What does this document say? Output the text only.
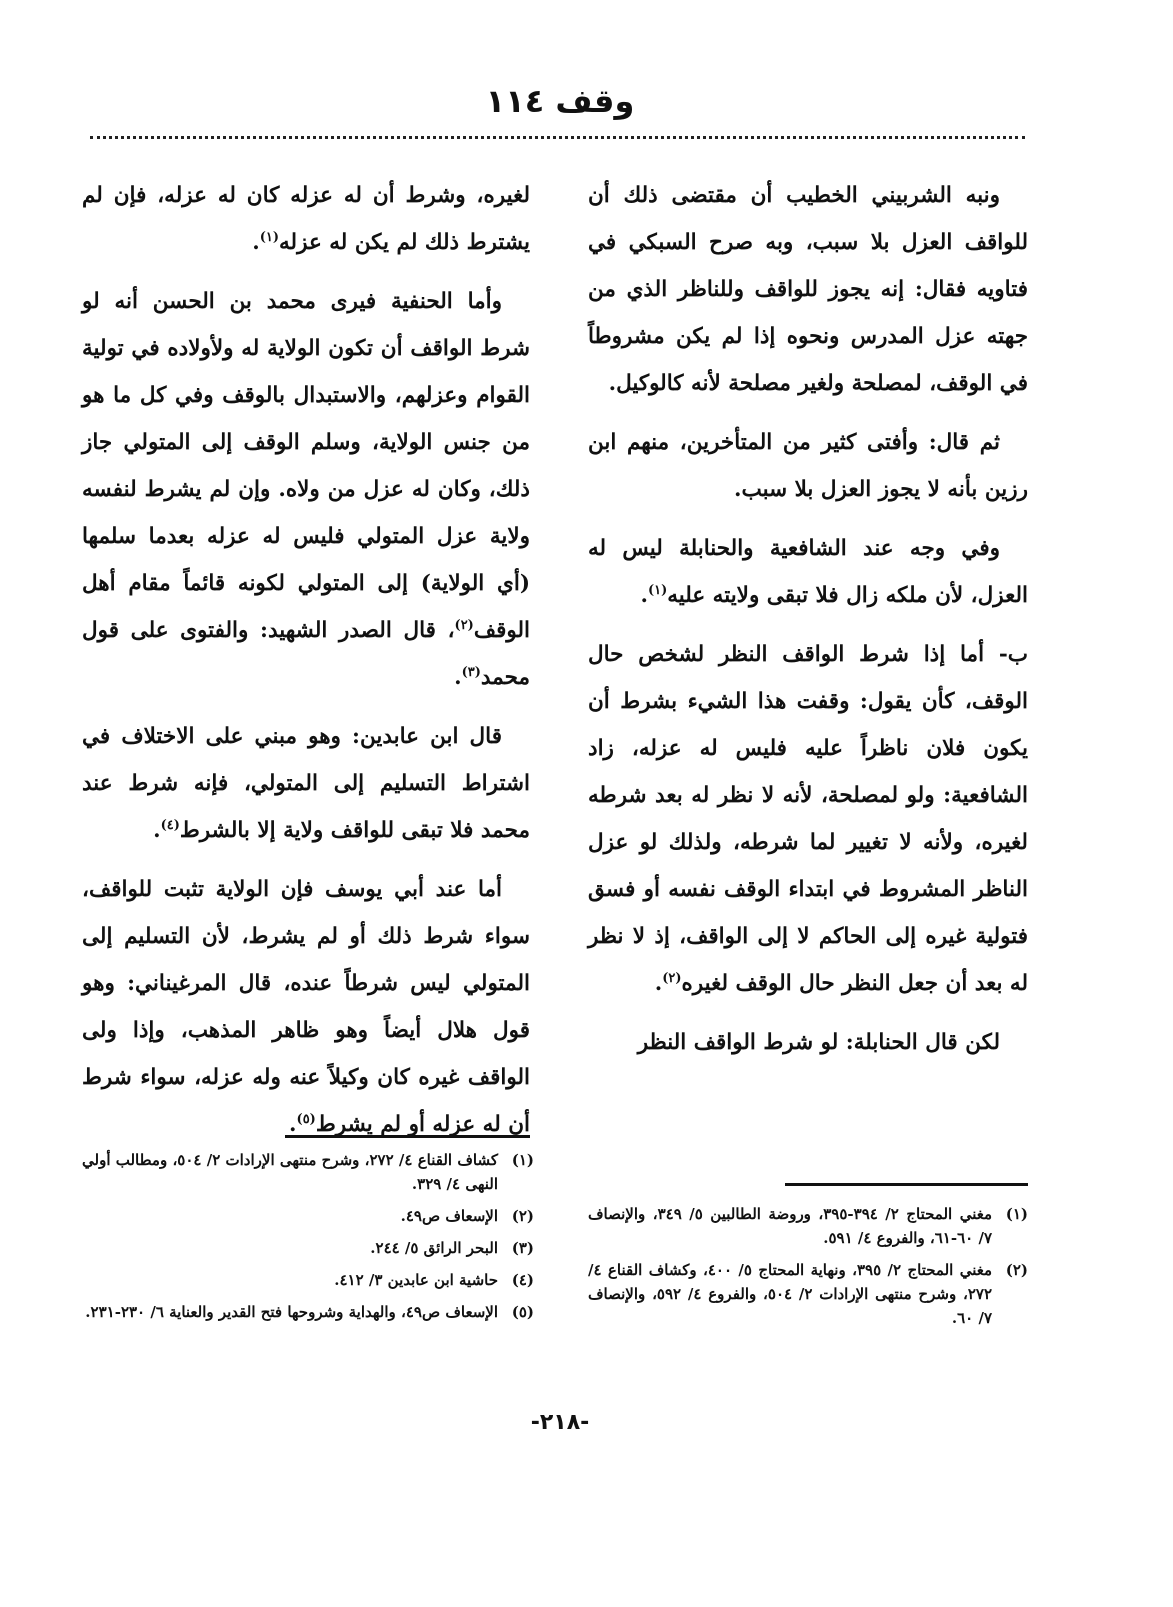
وقف ١١٤

ونبه الشربيني الخطيب أن مقتضى ذلك أن للواقف العزل بلا سبب، وبه صرح السبكي في فتاويه فقال: إنه يجوز للواقف وللناظر الذي من جهته عزل المدرس ونحوه إذا لم يكن مشروطاً في الوقف، لمصلحة ولغير مصلحة لأنه كالوكيل.

ثم قال: وأفتى كثير من المتأخرين، منهم ابن رزين بأنه لا يجوز العزل بلا سبب.

وفي وجه عند الشافعية والحنابلة ليس له العزل، لأن ملكه زال فلا تبقى ولايته عليه$^{(١)}$.

ب- أما إذا شرط الواقف النظر لشخص حال الوقف، كأن يقول: وقفت هذا الشيء بشرط أن يكون فلان ناظراً عليه فليس له عزله، زاد الشافعية: ولو لمصلحة، لأنه لا نظر له بعد شرطه لغيره، ولأنه لا تغيير لما شرطه، ولذلك لو عزل الناظر المشروط في ابتداء الوقف نفسه أو فسق فتولية غيره إلى الحاكم لا إلى الواقف، إذ لا نظر له بعد أن جعل النظر حال الوقف لغيره$^{(٢)}$.

لكن قال الحنابلة: لو شرط الواقف النظر

لغيره، وشرط أن له عزله كان له عزله، فإن لم يشترط ذلك لم يكن له عزله$^{(١)}$.

وأما الحنفية فيرى محمد بن الحسن أنه لو شرط الواقف أن تكون الولاية له ولأولاده في تولية القوام وعزلهم، والاستبدال بالوقف وفي كل ما هو من جنس الولاية، وسلم الوقف إلى المتولي جاز ذلك، وكان له عزل من ولاه. وإن لم يشرط لنفسه ولاية عزل المتولي فليس له عزله بعدما سلمها (أي الولاية) إلى المتولي لكونه قائماً مقام أهل الوقف$^{(٢)}$، قال الصدر الشهيد: والفتوى على قول محمد$^{(٣)}$.

قال ابن عابدين: وهو مبني على الاختلاف في اشتراط التسليم إلى المتولي، فإنه شرط عند محمد فلا تبقى للواقف ولاية إلا بالشرط$^{(٤)}$.

أما عند أبي يوسف فإن الولاية تثبت للواقف، سواء شرط ذلك أو لم يشرط، لأن التسليم إلى المتولي ليس شرطاً عنده، قال المرغيناني: وهو قول هلال أيضاً وهو ظاهر المذهب، وإذا ولى الواقف غيره كان وكيلاً عنه وله عزله، سواء شرط أن له عزله أو لم يشرط$^{(٥)}$.

(١)
كشاف القناع ٤/ ٢٧٢، وشرح منتهى الإرادات ٢/ ٥٠٤، ومطالب أولي النهى ٤/ ٣٢٩.
(٢)
الإسعاف ص٤٩.
(٣)
البحر الرائق ٥/ ٢٤٤.
(٤)
حاشية ابن عابدين ٣/ ٤١٢.
(٥)
الإسعاف ص٤٩، والهداية وشروحها فتح القدير والعناية ٦/ ٢٣٠-٢٣١.
(١)
مغني المحتاج ٢/ ٣٩٤-٣٩٥، وروضة الطالبين ٥/ ٣٤٩، والإنصاف ٧/ ٦٠-٦١، والفروع ٤/ ٥٩١.
(٢)
مغني المحتاج ٢/ ٣٩٥، ونهاية المحتاج ٥/ ٤٠٠، وكشاف القناع ٤/ ٢٧٢، وشرح منتهى الإرادات ٢/ ٥٠٤، والفروع ٤/ ٥٩٢، والإنصاف ٧/ ٦٠.
-٢١٨-
